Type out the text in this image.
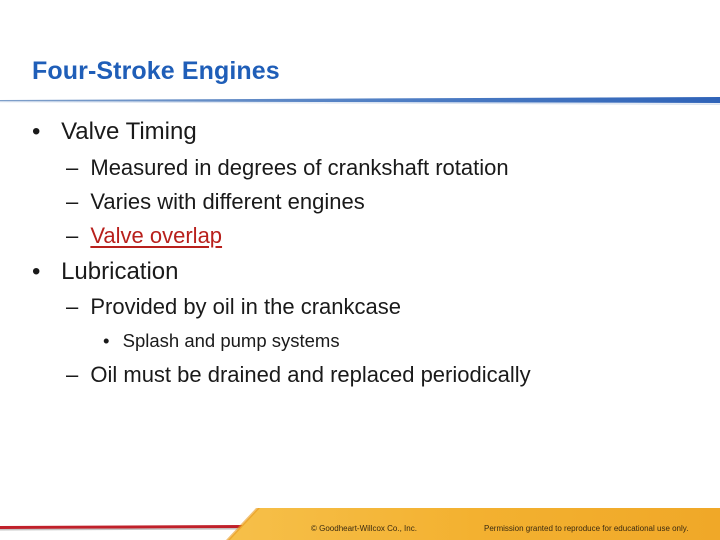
Four-Stroke Engines
• Valve Timing
– Measured in degrees of crankshaft rotation
– Varies with different engines
– Valve overlap
• Lubrication
– Provided by oil in the crankcase
• Splash and pump systems
– Oil must be drained and replaced periodically
© Goodheart-Willcox Co., Inc.	Permission granted to reproduce for educational use only.
